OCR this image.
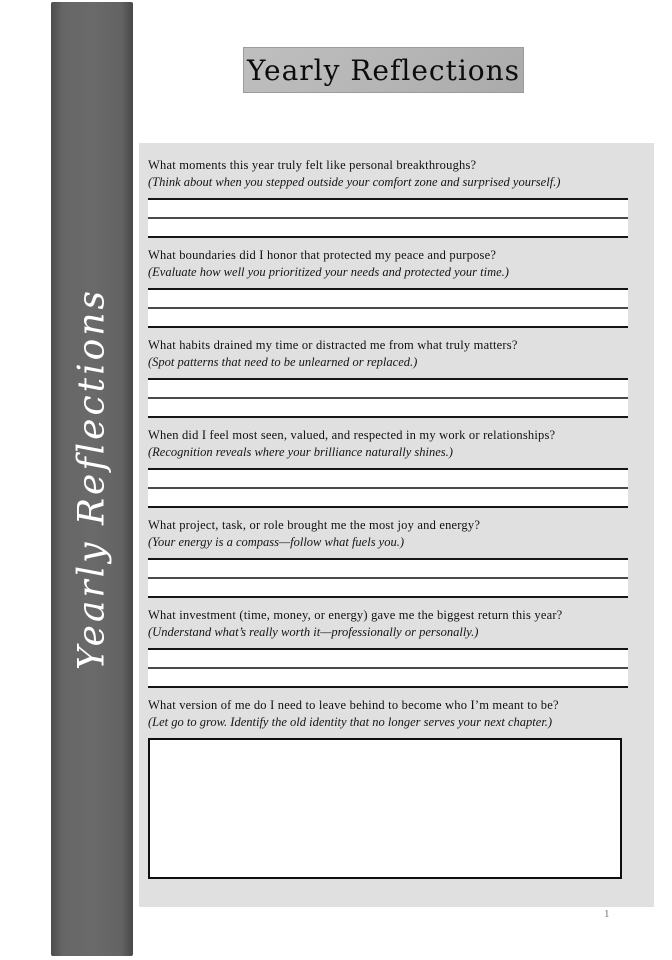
Yearly Reflections
Yearly Reflections

What moments this year truly felt like personal breakthroughs?

(Think about when you stepped outside your comfort zone and surprised yourself.)

What boundaries did I honor that protected my peace and purpose?

(Evaluate how well you prioritized your needs and protected your time.)

What habits drained my time or distracted me from what truly matters?

(Spot patterns that need to be unlearned or replaced.)

When did I feel most seen, valued, and respected in my work or relationships?

(Recognition reveals where your brilliance naturally shines.)

What project, task, or role brought me the most joy and energy?

(Your energy is a compass—follow what fuels you.)

What investment (time, money, or energy) gave me the biggest return this year?

(Understand what’s really worth it—professionally or personally.)

What version of me do I need to leave behind to become who I’m meant to be?

(Let go to grow. Identify the old identity that no longer serves your next chapter.)

1
